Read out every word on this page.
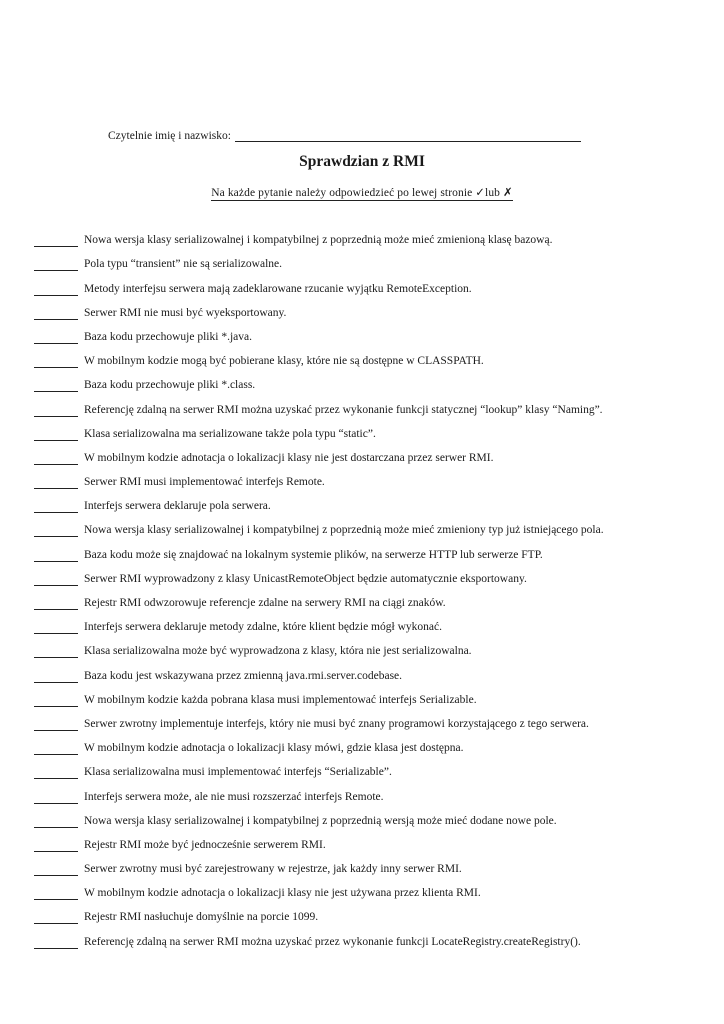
Czytelnie imię i nazwisko:
Sprawdzian z RMI
Na każde pytanie należy odpowiedzieć po lewej stronie ✓lub ✗
Nowa wersja klasy serializowalnej i kompatybilnej z poprzednią może mieć zmienioną klasę bazową.
Pola typu “transient” nie są serializowalne.
Metody interfejsu serwera mają zadeklarowane rzucanie wyjątku RemoteException.
Serwer RMI nie musi być wyeksportowany.
Baza kodu przechowuje pliki *.java.
W mobilnym kodzie mogą być pobierane klasy, które nie są dostępne w CLASSPATH.
Baza kodu przechowuje pliki *.class.
Referencję zdalną na serwer RMI można uzyskać przez wykonanie funkcji statycznej “lookup” klasy “Naming”.
Klasa serializowalna ma serializowane także pola typu “static”.
W mobilnym kodzie adnotacja o lokalizacji klasy nie jest dostarczana przez serwer RMI.
Serwer RMI musi implementować interfejs Remote.
Interfejs serwera deklaruje pola serwera.
Nowa wersja klasy serializowalnej i kompatybilnej z poprzednią może mieć zmieniony typ już istniejącego pola.
Baza kodu może się znajdować na lokalnym systemie plików, na serwerze HTTP lub serwerze FTP.
Serwer RMI wyprowadzony z klasy UnicastRemoteObject będzie automatycznie eksportowany.
Rejestr RMI odwzorowuje referencje zdalne na serwery RMI na ciągi znaków.
Interfejs serwera deklaruje metody zdalne, które klient będzie mógł wykonać.
Klasa serializowalna może być wyprowadzona z klasy, która nie jest serializowalna.
Baza kodu jest wskazywana przez zmienną java.rmi.server.codebase.
W mobilnym kodzie każda pobrana klasa musi implementować interfejs Serializable.
Serwer zwrotny implementuje interfejs, który nie musi być znany programowi korzystającego z tego serwera.
W mobilnym kodzie adnotacja o lokalizacji klasy mówi, gdzie klasa jest dostępna.
Klasa serializowalna musi implementować interfejs “Serializable”.
Interfejs serwera może, ale nie musi rozszerzać interfejs Remote.
Nowa wersja klasy serializowalnej i kompatybilnej z poprzednią wersją może mieć dodane nowe pole.
Rejestr RMI może być jednocześnie serwerem RMI.
Serwer zwrotny musi być zarejestrowany w rejestrze, jak każdy inny serwer RMI.
W mobilnym kodzie adnotacja o lokalizacji klasy nie jest używana przez klienta RMI.
Rejestr RMI nasłuchuje domyślnie na porcie 1099.
Referencję zdalną na serwer RMI można uzyskać przez wykonanie funkcji LocateRegistry.createRegistry().
